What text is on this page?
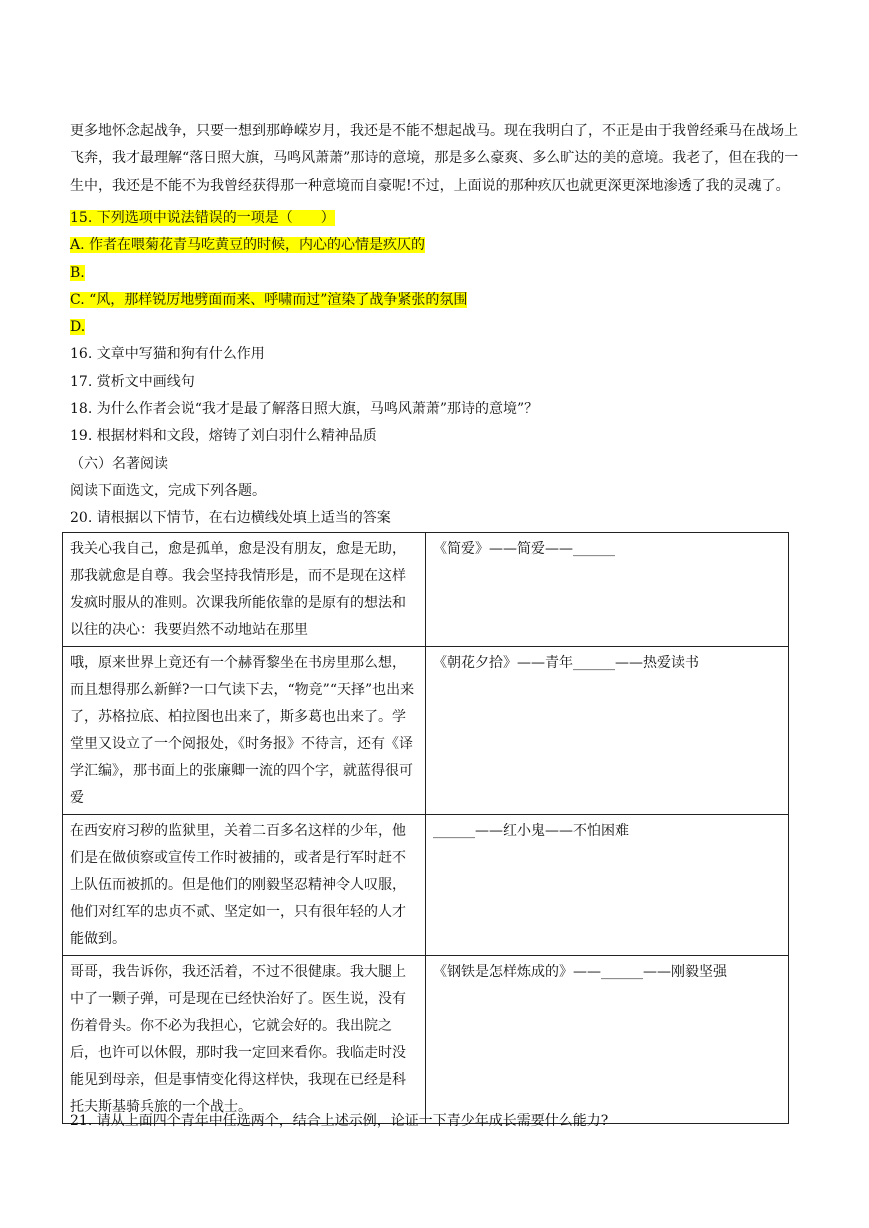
更多地怀念起战争，只要一想到那峥嵘岁月，我还是不能不想起战马。现在我明白了，不正是由于我曾经乘马在战场上飞奔，我才最理解“落日照大旗，马鸣风萧萧”那诗的意境，那是多么豪爽、多么旷达的美的意境。我老了，但在我的一生中，我还是不能不为我曾经获得那一种意境而自豪呢!不过，上面说的那种疚仄也就更深更深地渗透了我的灵魂了。

15. 下列选项中说法错误的一项是（　　）
A. 作者在喂菊花青马吃黄豆的时候，内心的心情是疚仄的
B.
C. “风，那样锐厉地劈面而来、呼啸而过”渲染了战争紧张的氛围
D.
16. 文章中写猫和狗有什么作用
17. 赏析文中画线句
18. 为什么作者会说“我才是最了解落日照大旗，马鸣风萧萧”那诗的意境”？
19. 根据材料和文段，熔铸了刘白羽什么精神品质
（六）名著阅读
阅读下面选文，完成下列各题。
20. 请根据以下情节，在右边横线处填上适当的答案

我关心我自己，愈是孤单，愈是没有朋友，愈是无助，那我就愈是自尊。我会坚持我情形是，而不是现在这样发疯时服从的准则。次课我所能依靠的是原有的想法和以往的决心：我要岿然不动地站在那里	《简爱》——简爱——______

哦，原来世界上竟还有一个赫胥黎坐在书房里那么想，而且想得那么新鲜?一口气读下去，“物竞”“天择”也出来了，苏格拉底、柏拉图也出来了，斯多葛也出来了。学堂里又设立了一个阅报处，《时务报》不待言，还有《译学汇编》，那书面上的张廉卿一流的四个字，就蓝得很可爱	《朝花夕拾》——青年______——热爱读书

在西安府习秽的监狱里，关着二百多名这样的少年，他们是在做侦察或宣传工作时被捕的，或者是行军时赶不上队伍而被抓的。但是他们的刚毅坚忍精神令人叹服，他们对红军的忠贞不贰、坚定如一，只有很年轻的人才能做到。	______——红小鬼——不怕困难

哥哥，我告诉你，我还活着，不过不很健康。我大腿上中了一颗子弹，可是现在已经快治好了。医生说，没有伤着骨头。你不必为我担心，它就会好的。我出院之后，也许可以休假，那时我一定回来看你。我临走时没能见到母亲，但是事情变化得这样快，我现在已经是科托夫斯基骑兵旅的一个战士。	《钢铁是怎样炼成的》——______——刚毅坚强

21. 请从上面四个青年中任选两个，结合上述示例，论证一下青少年成长需要什么能力?
